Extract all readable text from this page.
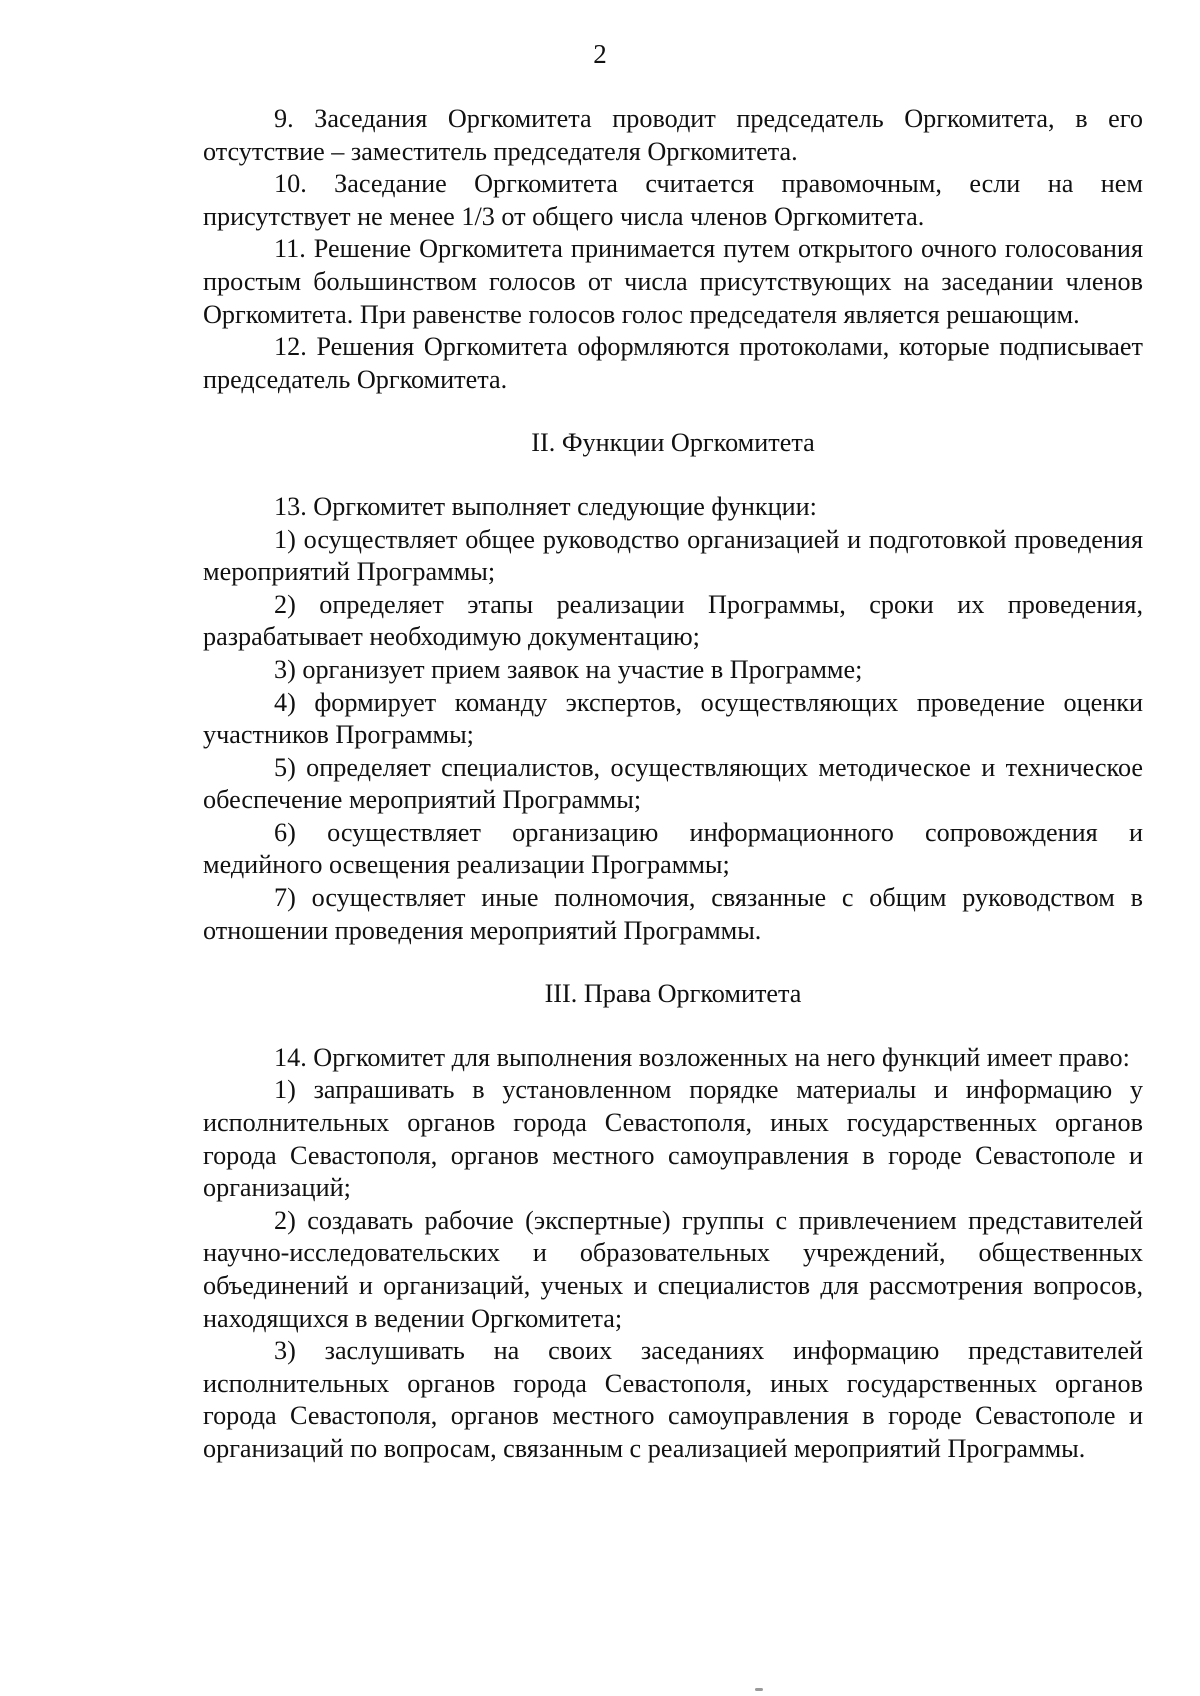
2

9. Заседания Оргкомитета проводит председатель Оргкомитета, в его отсутствие – заместитель председателя Оргкомитета.

10. Заседание Оргкомитета считается правомочным, если на нем присутствует не менее 1/3 от общего числа членов Оргкомитета.

11. Решение Оргкомитета принимается путем открытого очного голосования простым большинством голосов от числа присутствующих на заседании членов Оргкомитета. При равенстве голосов голос председателя является решающим.

12. Решения Оргкомитета оформляются протоколами, которые подписывает председатель Оргкомитета.

II. Функции Оргкомитета

13. Оргкомитет выполняет следующие функции:

1) осуществляет общее руководство организацией и подготовкой проведения мероприятий Программы;

2) определяет этапы реализации Программы, сроки их проведения, разрабатывает необходимую документацию;

3) организует прием заявок на участие в Программе;

4) формирует команду экспертов, осуществляющих проведение оценки участников Программы;

5) определяет специалистов, осуществляющих методическое и техническое обеспечение мероприятий Программы;

6) осуществляет организацию информационного сопровождения и медийного освещения реализации Программы;

7) осуществляет иные полномочия, связанные с общим руководством в отношении проведения мероприятий Программы.

III. Права Оргкомитета

14. Оргкомитет для выполнения возложенных на него функций имеет право:

1) запрашивать в установленном порядке материалы и информацию у исполнительных органов города Севастополя, иных государственных органов города Севастополя, органов местного самоуправления в городе Севастополе и организаций;

2) создавать рабочие (экспертные) группы с привлечением представителей научно-исследовательских и образовательных учреждений, общественных объединений и организаций, ученых и специалистов для рассмотрения вопросов, находящихся в ведении Оргкомитета;

3) заслушивать на своих заседаниях информацию представителей исполнительных органов города Севастополя, иных государственных органов города Севастополя, органов местного самоуправления в городе Севастополе и организаций по вопросам, связанным с реализацией мероприятий Программы.
